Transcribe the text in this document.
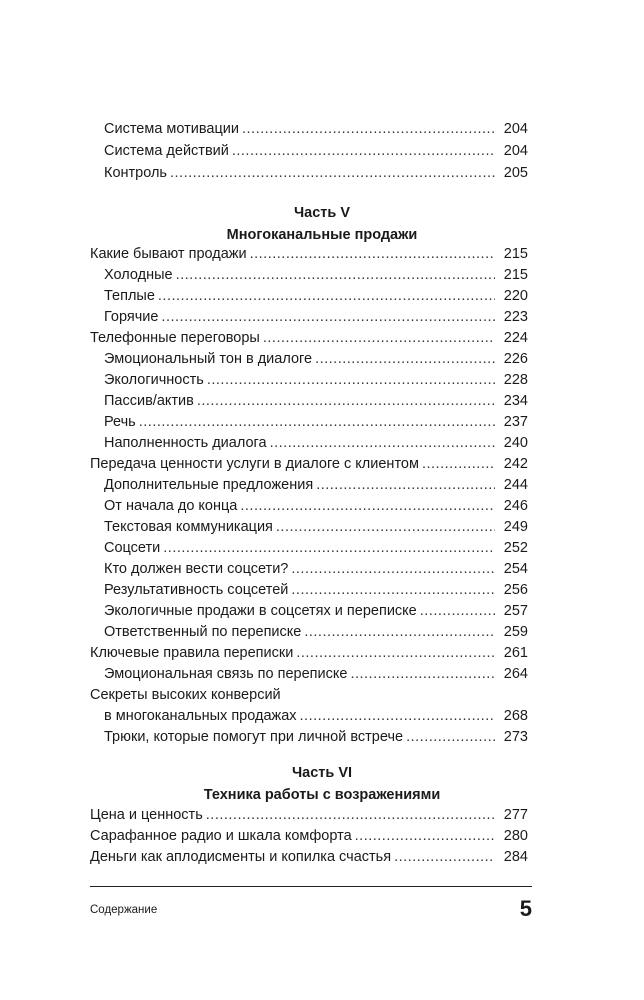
Система мотивации .....	204
Система действий .....	204
Контроль .....	205
Часть V
Многоканальные продажи
Какие бывают продажи .....	215
Холодные .....	215
Теплые .....	220
Горячие .....	223
Телефонные переговоры .....	224
Эмоциональный тон в диалоге .....	226
Экологичность .....	228
Пассив/актив .....	234
Речь .....	237
Наполненность диалога .....	240
Передача ценности услуги в диалоге с клиентом .....	242
Дополнительные предложения .....	244
От начала до конца .....	246
Текстовая коммуникация .....	249
Соцсети .....	252
Кто должен вести соцсети? .....	254
Результативность соцсетей .....	256
Экологичные продажи в соцсетях и переписке .....	257
Ответственный по переписке .....	259
Ключевые правила переписки .....	261
Эмоциональная связь по переписке .....	264
Секреты высоких конверсий
в многоканальных продажах .....	268
Трюки, которые помогут при личной встрече .....	273
Часть VI
Техника работы с возражениями
Цена и ценность .....	277
Сарафанное радио и шкала комфорта .....	280
Деньги как аплодисменты и копилка счастья .....	284
Содержание	5
